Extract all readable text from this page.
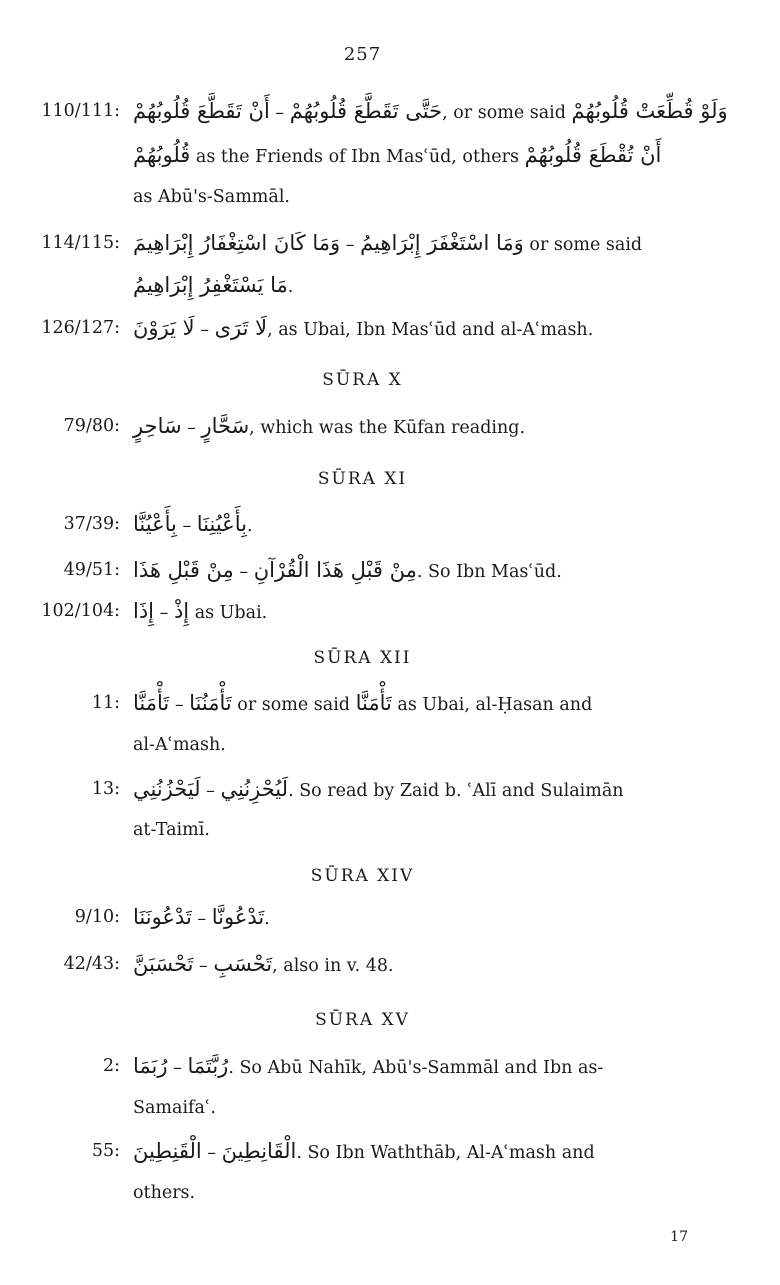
257
110/111: أَنْ تَقَطَّعَ قُلُوبُهُمْ – حَتَّى تَقَطَّعَ قُلُوبُهُمْ, or some said وَلَوْ قُطِّعَتْ قُلُوبُهُمْ
قُلُوبُهُمْ as the Friends of Ibn Masʿūd, others أَنْ تُقْطَعَ قُلُوبُهُمْ
as Abū's-Sammāl.
114/115: وَمَا كَانَ اسْتِغْفَارُ إِبْرَاهِيمَ – وَمَا اسْتَغْفَرَ إِبْرَاهِيمُ or some said
مَا يَسْتَغْفِرُ إِبْرَاهِيمُ.
126/127: لَا يَرَوْنَ – لَا تَرَى, as Ubai, Ibn Masʿūd and al-Aʿmash.
SŪRA X
79/80: سَاحِرٍ – سَحَّارٍ, which was the Kūfan reading.
SŪRA XI
37/39: بِأَعْيُنَّا – بِأَعْيُنِنَا.
49/51: مِنْ قَبْلِ هَذَا – مِنْ قَبْلِ هَذَا الْقُرْآنِ. So Ibn Masʿūd.
102/104: إِذَا – إِذْ as Ubai.
SŪRA XII
11: تَأْمَنَّا – تَأْمَنُنَا or some said تَأْمَنَّا as Ubai, al-Ḥasan and
al-Aʿmash.
13: لَيَحْزُنُنِي – لَيُحْزِنُنِي. So read by Zaid b. ʿAlī and Sulaimān
at-Taimī.
SŪRA XIV
9/10: تَدْعُونَنَا – تَدْعُونَّا.
42/43: تَحْسَبَنَّ – تَحْسَبِ, also in v. 48.
SŪRA XV
2: رُبَمَا – رُبَّتَمَا. So Abū Nahīk, Abū's-Sammāl and Ibn as-
Samaifaʿ.
55: الْقَنِطِينَ – الْقَانِطِينَ. So Ibn Waththāb, Al-Aʿmash and
others.
17
